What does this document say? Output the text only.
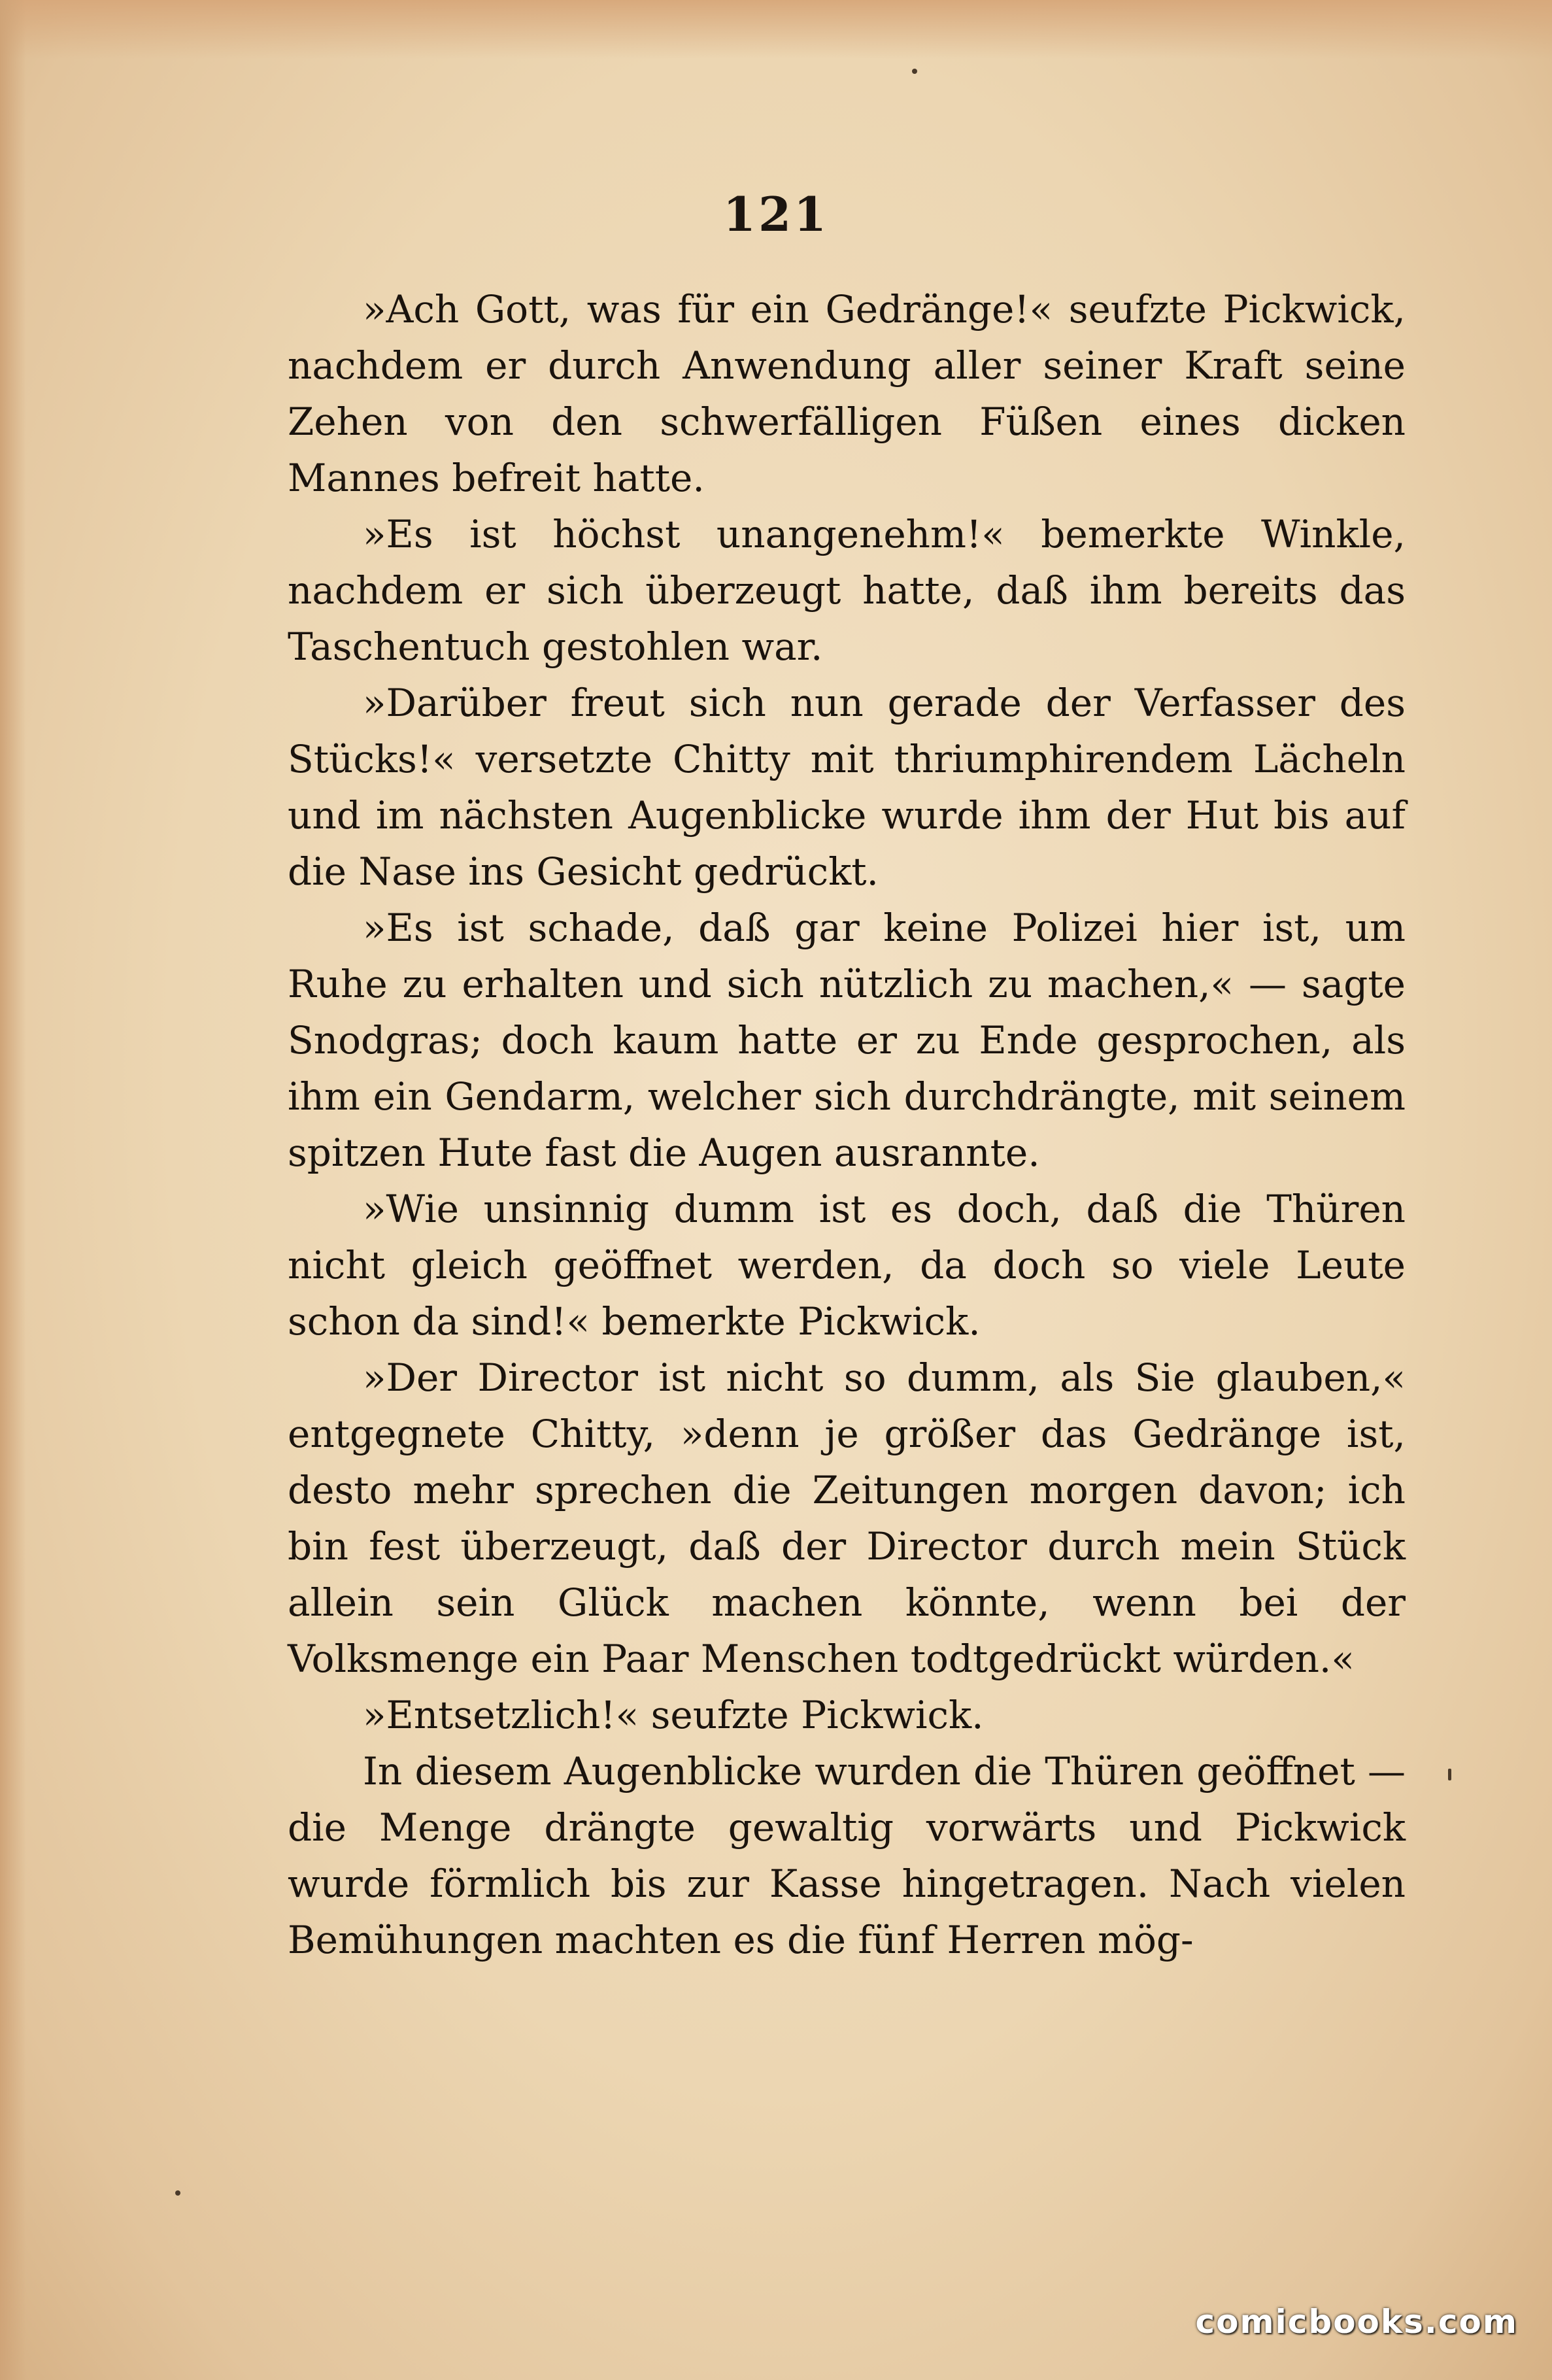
121

»Ach Gott, was für ein Gedränge!« seufzte Pickwick, nachdem er durch Anwendung aller seiner Kraft seine Zehen von den schwerfälligen Füßen eines dicken Mannes befreit hatte.

»Es ist höchst unangenehm!« bemerkte Winkle, nachdem er sich überzeugt hatte, daß ihm bereits das Taschentuch gestohlen war.

»Darüber freut sich nun gerade der Verfasser des Stücks!« versetzte Chitty mit thriumphirendem Lächeln und im nächsten Augenblicke wurde ihm der Hut bis auf die Nase ins Gesicht gedrückt.

»Es ist schade, daß gar keine Polizei hier ist, um Ruhe zu erhalten und sich nützlich zu machen,« — sagte Snodgras; doch kaum hatte er zu Ende gesprochen, als ihm ein Gendarm, welcher sich durchdrängte, mit seinem spitzen Hute fast die Augen ausrannte.

»Wie unsinnig dumm ist es doch, daß die Thüren nicht gleich geöffnet werden, da doch so viele Leute schon da sind!« bemerkte Pickwick.

»Der Director ist nicht so dumm, als Sie glauben,« entgegnete Chitty, »denn je größer das Gedränge ist, desto mehr sprechen die Zeitungen morgen davon; ich bin fest überzeugt, daß der Director durch mein Stück allein sein Glück machen könnte, wenn bei der Volksmenge ein Paar Menschen todtgedrückt würden.«

»Entsetzlich!« seufzte Pickwick.

In diesem Augenblicke wurden die Thüren geöffnet — die Menge drängte gewaltig vorwärts und Pickwick wurde förmlich bis zur Kasse hingetragen. Nach vielen Bemühungen machten es die fünf Herren mög-

comicbooks.com
